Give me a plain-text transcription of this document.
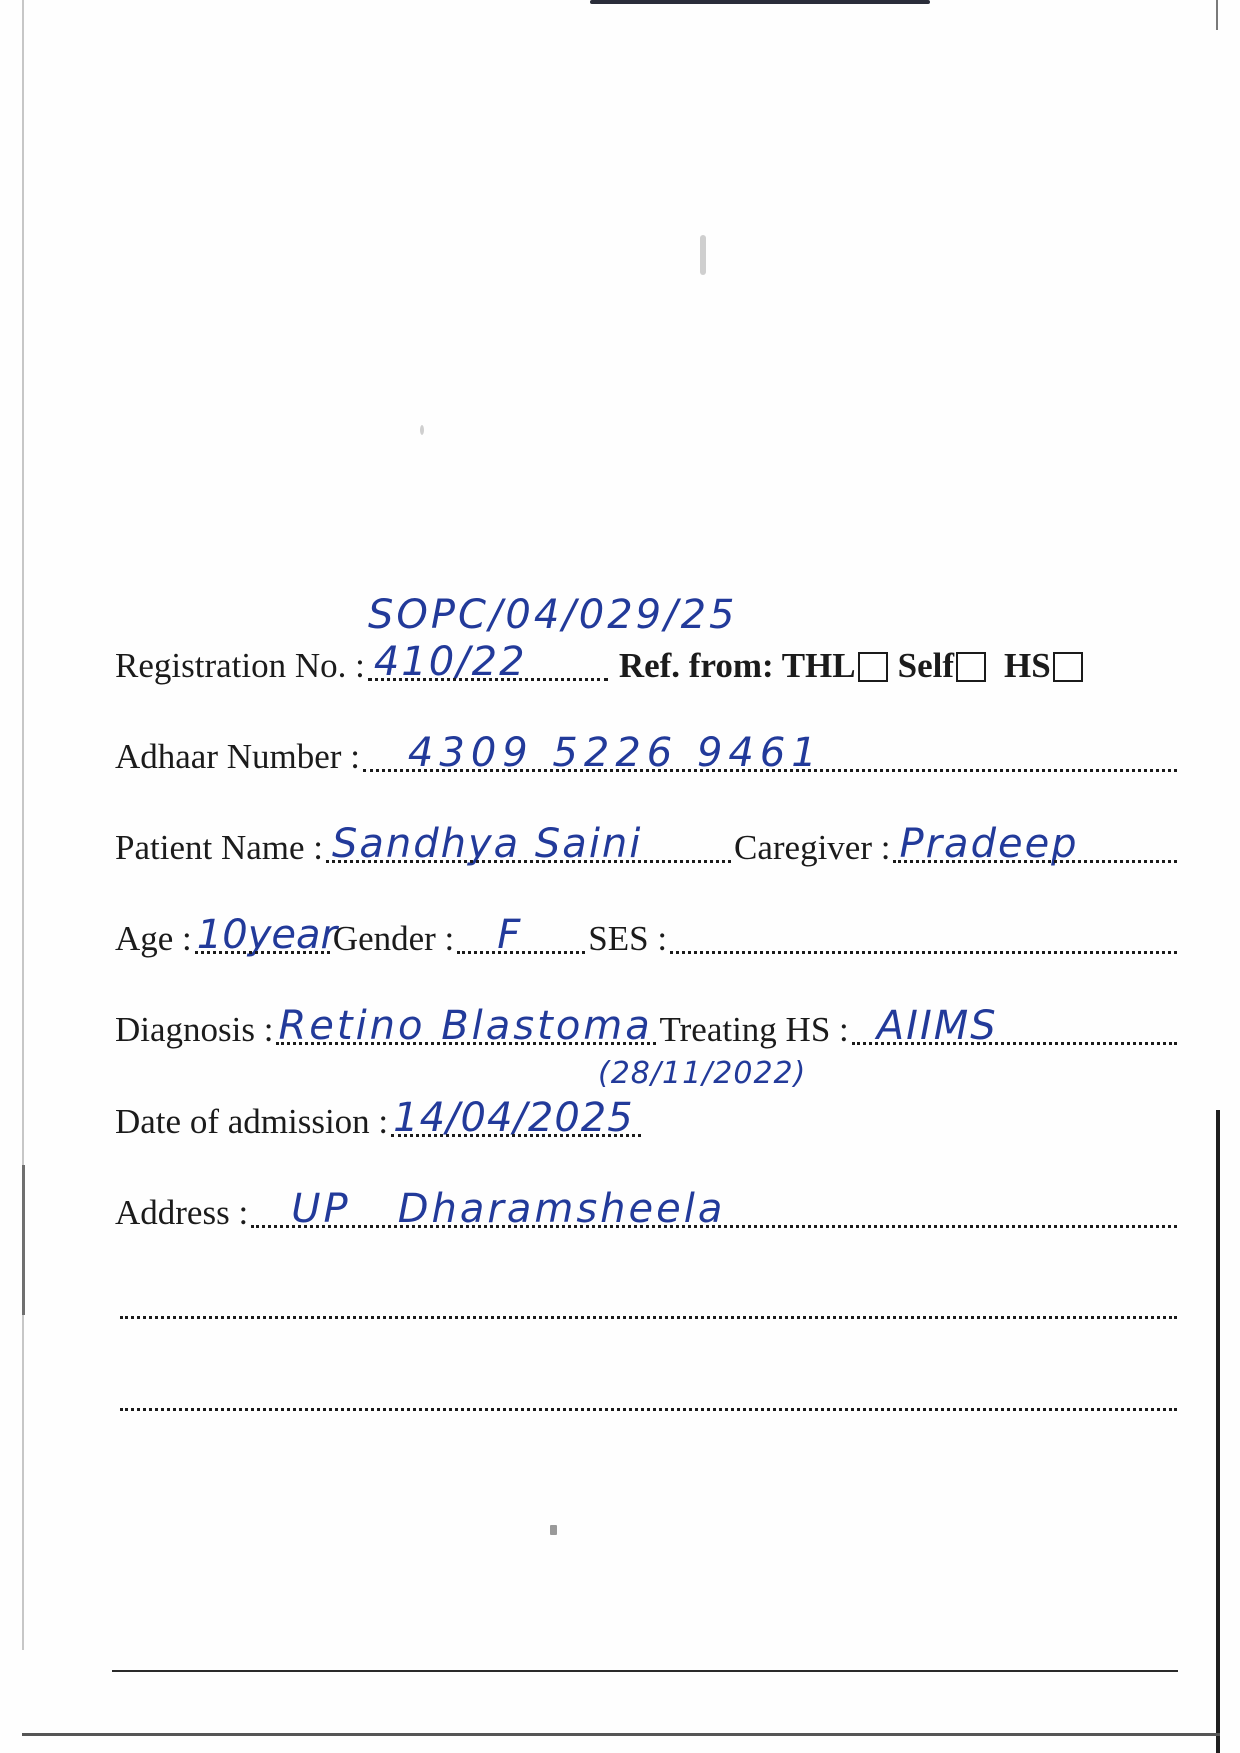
SOPC/04/029/25
Registration No. : 410/22	Ref. from: THL Self HS
Adhaar Number : 4309 5226 9461
Patient Name : Sandhya Saini	Caregiver : Pradeep
Age : 10year
Gender : F SES :
Diagnosis : Retino Blastoma Treating HS : AIIMS
(28/11/2022)
Date of admission : 14/04/2025
Address : UP   Dharamsheela
